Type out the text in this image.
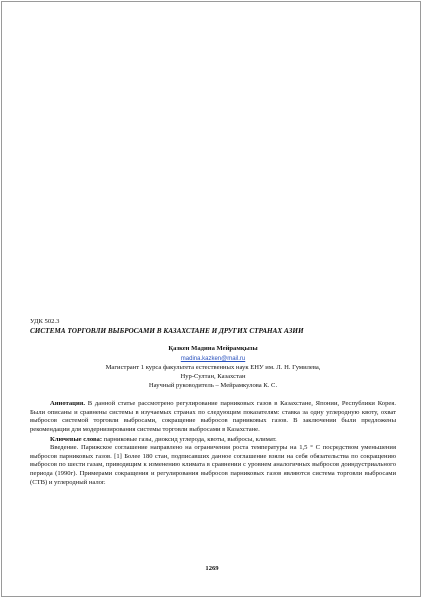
УДК 502.3

СИСТЕМА ТОРГОВЛИ ВЫБРОСАМИ В КАЗАХСТАНЕ И ДРУГИХ СТРАНАХ АЗИИ

Қазкен Мадина Мейрамқызы

madina.kazken@mail.ru

Магистрант 1 курса факультета естественных наук ЕНУ им. Л. Н. Гумилева,

Нур-Султан, Казахстан

Научный руководитель – Мейрамкулова К. С.

Аннотация. В данной статье рассмотрено регулирование парниковых газов в Казахстане, Японии, Республики Корея. Были описаны и сравнены системы в изучаемых странах по следующим показателям: ставка за одну углеродную квоту, охват выбросов системой торговли выбросами, сокращение выбросов парниковых газов. В заключении были предложены рекомендации для модернизирования системы торговли выбросами в Казахстане.

Ключевые слова: парниковые газы, диоксид углерода, квоты, выбросы, климат.

Введение. Парижское соглашение направлено на ограничения роста температуры на 1,5 ° С посредством уменьшения выбросов парниковых газов. [1] Более 180 стан, подписавших данное соглашение взяли на себя обязательства по сокращению выбросов по шести газам, приводящим к изменению климата в сравнении с уровнем аналогичных выбросов доиндустриального периода (1990г). Примерами сокращения и регулирования выбросов парниковых газов являются система торговли выбросами (СТВ) и углеродный налог.

1269
